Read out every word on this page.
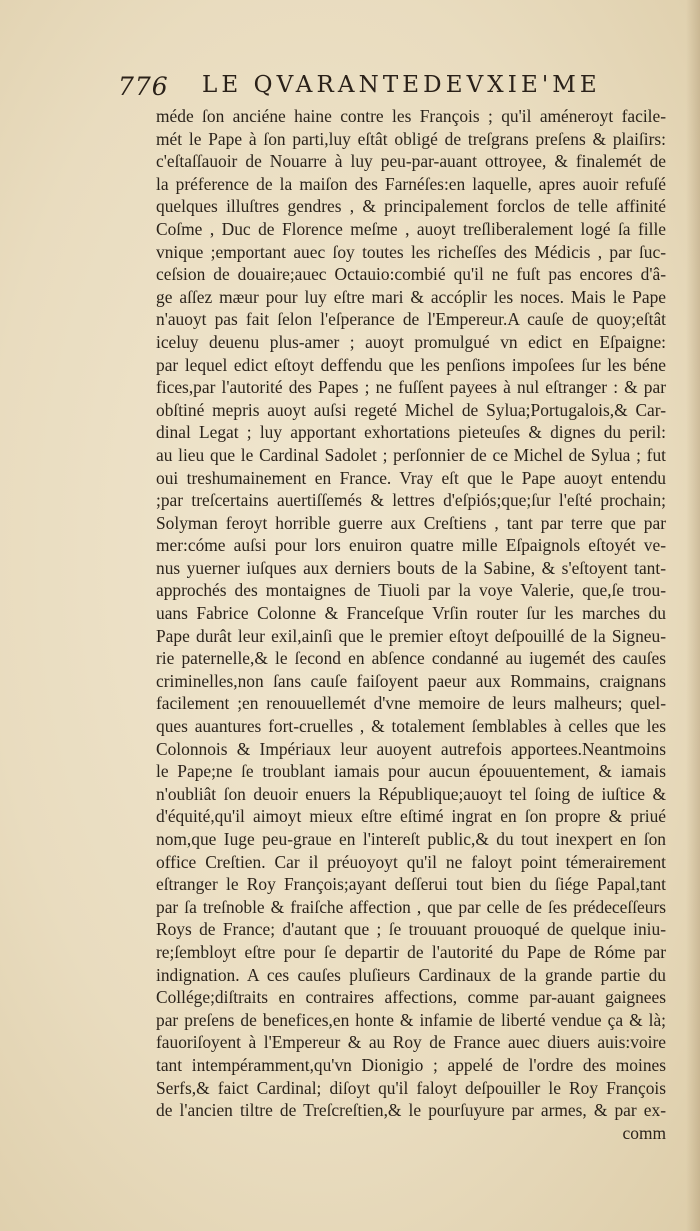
776 LE QVARANTEDEVXIE'ME
méde ſon anciéne haine contre les François ; qu'il améneroyt facile-
mét le Pape à ſon parti,luy eſtât obligé de treſgrans preſens & plaiſirs:
c'eſtaſſauoir de Nouarre à luy peu-par-auant ottroyee, & finalemét de
la préference de la maiſon des Farnéſes:en laquelle, apres auoir refuſé
quelques illuſtres gendres , & principalement forclos de telle affinité
Coſme , Duc de Florence meſme , auoyt treſliberalement logé ſa fille
vnique ;emportant auec ſoy toutes les richeſſes des Médicis , par ſuc-
ceſsion de douaire;auec Octauio:combié qu'il ne fuſt pas encores d'â-
ge aſſez mæur pour luy eſtre mari & accóplir les noces. Mais le Pape
n'auoyt pas fait ſelon l'eſperance de l'Empereur.A cauſe de quoy;eſtât
iceluy deuenu plus-amer ; auoyt promulgué vn edict en Eſpaigne:
par lequel edict eſtoyt deffendu que les penſions impoſees ſur les béne
fices,par l'autorité des Papes ; ne fuſſent payees à nul eſtranger : & par
obſtiné mepris auoyt auſsi regeté Michel de Sylua;Portugalois,& Car-
dinal Legat ; luy apportant exhortations pieteuſes & dignes du peril:
au lieu que le Cardinal Sadolet ; perſonnier de ce Michel de Sylua ; fut
oui treshumainement en France. Vray eſt que le Pape auoyt entendu
;par treſcertains auertiſſemés & lettres d'eſpiós;que;ſur l'eſté prochain;
Solyman feroyt horrible guerre aux Creſtiens , tant par terre que par
mer:cóme auſsi pour lors enuiron quatre mille Eſpaignols eſtoyét ve-
nus yuerner iuſques aux derniers bouts de la Sabine, & s'eſtoyent tant-
approchés des montaignes de Tiuoli par la voye Valerie, que,ſe trou-
uans Fabrice Colonne & Franceſque Vrſin router ſur les marches du
Pape durât leur exil,ainſi que le premier eſtoyt deſpouillé de la Signeu-
rie paternelle,& le ſecond en abſence condanné au iugemét des cauſes
criminelles,non ſans cauſe faiſoyent paeur aux Rommains, craignans
facilement ;en renouuellemét d'vne memoire de leurs malheurs; quel-
ques auantures fort-cruelles , & totalement ſemblables à celles que les
Colonnois & Impériaux leur auoyent autrefois apportees.Neantmoins
le Pape;ne ſe troublant iamais pour aucun épouuentement, & iamais
n'oubliât ſon deuoir enuers la République;auoyt tel ſoing de iuſtice &
d'équité,qu'il aimoyt mieux eſtre eſtimé ingrat en ſon propre & priué
nom,que Iuge peu-graue en l'intereſt public,& du tout inexpert en ſon
office Creſtien. Car il préuoyoyt qu'il ne faloyt point témerairement
eſtranger le Roy François;ayant deſſerui tout bien du ſiége Papal,tant
par ſa treſnoble & fraiſche affection , que par celle de ſes prédeceſſeurs
Roys de France; d'autant que ; ſe trouuant prouoqué de quelque iniu-
re;ſembloyt eſtre pour ſe departir de l'autorité du Pape de Róme par
indignation. A ces cauſes pluſieurs Cardinaux de la grande partie du
Collége;diſtraits en contraires affections, comme par-auant gaignees
par preſens de benefices,en honte & infamie de liberté vendue ça & là;
fauoriſoyent à l'Empereur & au Roy de France auec diuers auis:voire
tant intempéramment,qu'vn Dionigio ; appelé de l'ordre des moines
Serfs,& faict Cardinal; diſoyt qu'il faloyt deſpouiller le Roy François
de l'ancien tiltre de Treſcreſtien,& le pourſuyure par armes, & par ex-
comm
